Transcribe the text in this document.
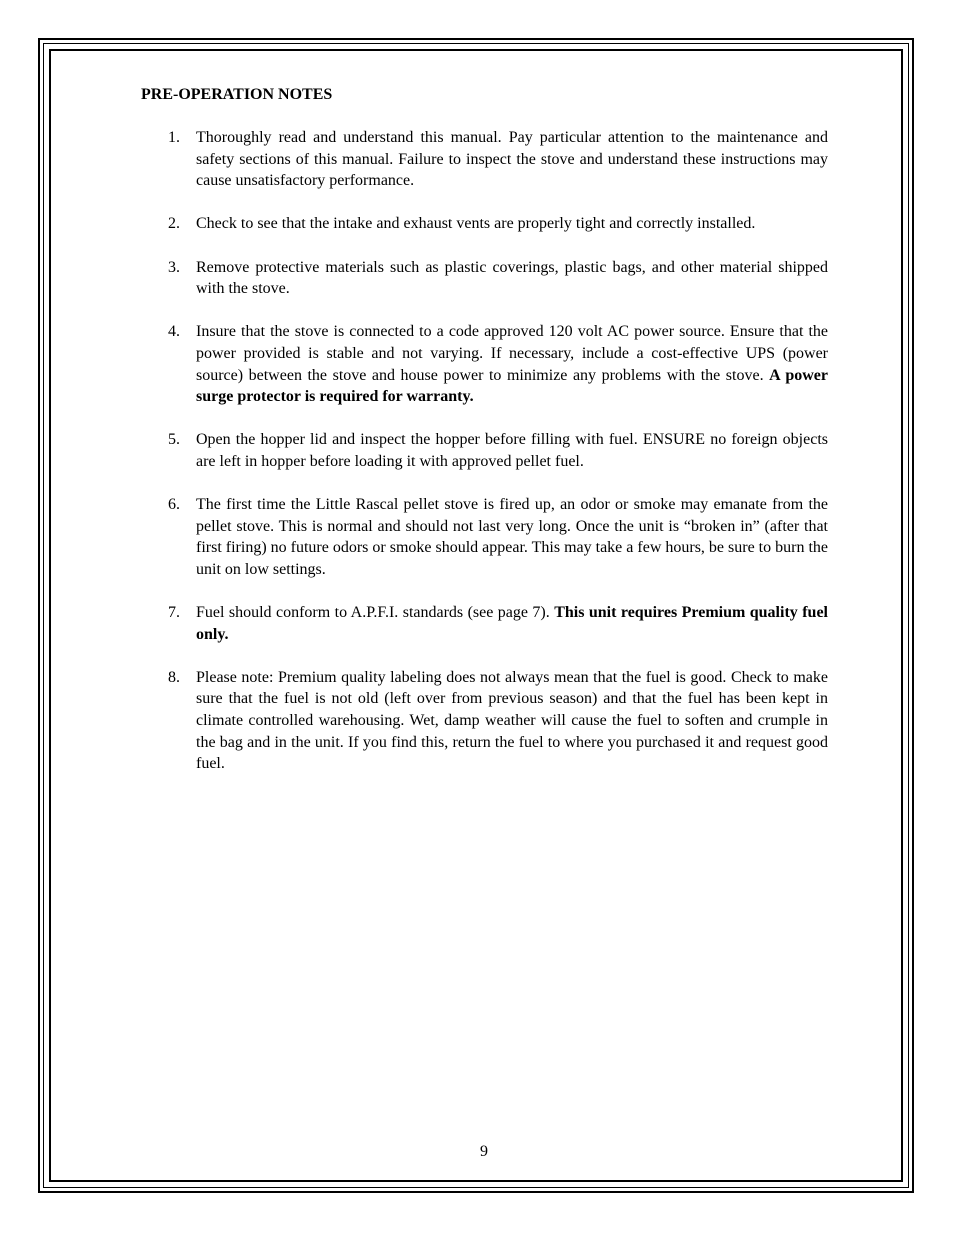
PRE-OPERATION NOTES
1. Thoroughly read and understand this manual. Pay particular attention to the maintenance and safety sections of this manual. Failure to inspect the stove and understand these instructions may cause unsatisfactory performance.
2. Check to see that the intake and exhaust vents are properly tight and correctly installed.
3. Remove protective materials such as plastic coverings, plastic bags, and other material shipped with the stove.
4. Insure that the stove is connected to a code approved 120 volt AC power source. Ensure that the power provided is stable and not varying. If necessary, include a cost-effective UPS (power source) between the stove and house power to minimize any problems with the stove. A power surge protector is required for warranty.
5. Open the hopper lid and inspect the hopper before filling with fuel. ENSURE no foreign objects are left in hopper before loading it with approved pellet fuel.
6. The first time the Little Rascal pellet stove is fired up, an odor or smoke may emanate from the pellet stove. This is normal and should not last very long. Once the unit is “broken in” (after that first firing) no future odors or smoke should appear. This may take a few hours, be sure to burn the unit on low settings.
7. Fuel should conform to A.P.F.I. standards (see page 7). This unit requires Premium quality fuel only.
8. Please note: Premium quality labeling does not always mean that the fuel is good. Check to make sure that the fuel is not old (left over from previous season) and that the fuel has been kept in climate controlled warehousing. Wet, damp weather will cause the fuel to soften and crumple in the bag and in the unit. If you find this, return the fuel to where you purchased it and request good fuel.

9
